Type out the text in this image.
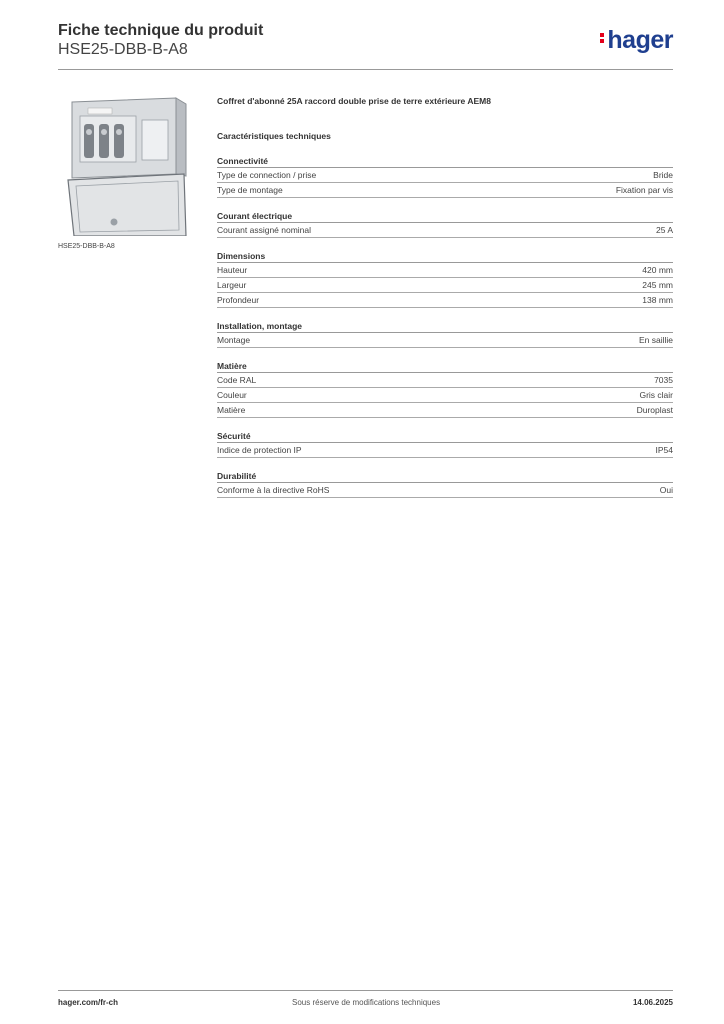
Fiche technique du produit
HSE25-DBB-B-A8	hager
HSE25-DBB-B-A8
Coffret d'abonné 25A raccord double prise de terre extérieure AEM8
Caractéristiques techniques
Connectivité
Type de connection / prise	Bride
Type de montage	Fixation par vis
Courant électrique
Courant assigné nominal	25 A
Dimensions
Hauteur	420 mm
Largeur	245 mm
Profondeur	138 mm
Installation, montage
Montage	En saillie
Matière
Code RAL	7035
Couleur	Gris clair
Matière	Duroplast
Sécurité
Indice de protection IP	IP54
Durabilité
Conforme à la directive RoHS	Oui
hager.com/fr-ch	Sous réserve de modifications techniques	14.06.2025
